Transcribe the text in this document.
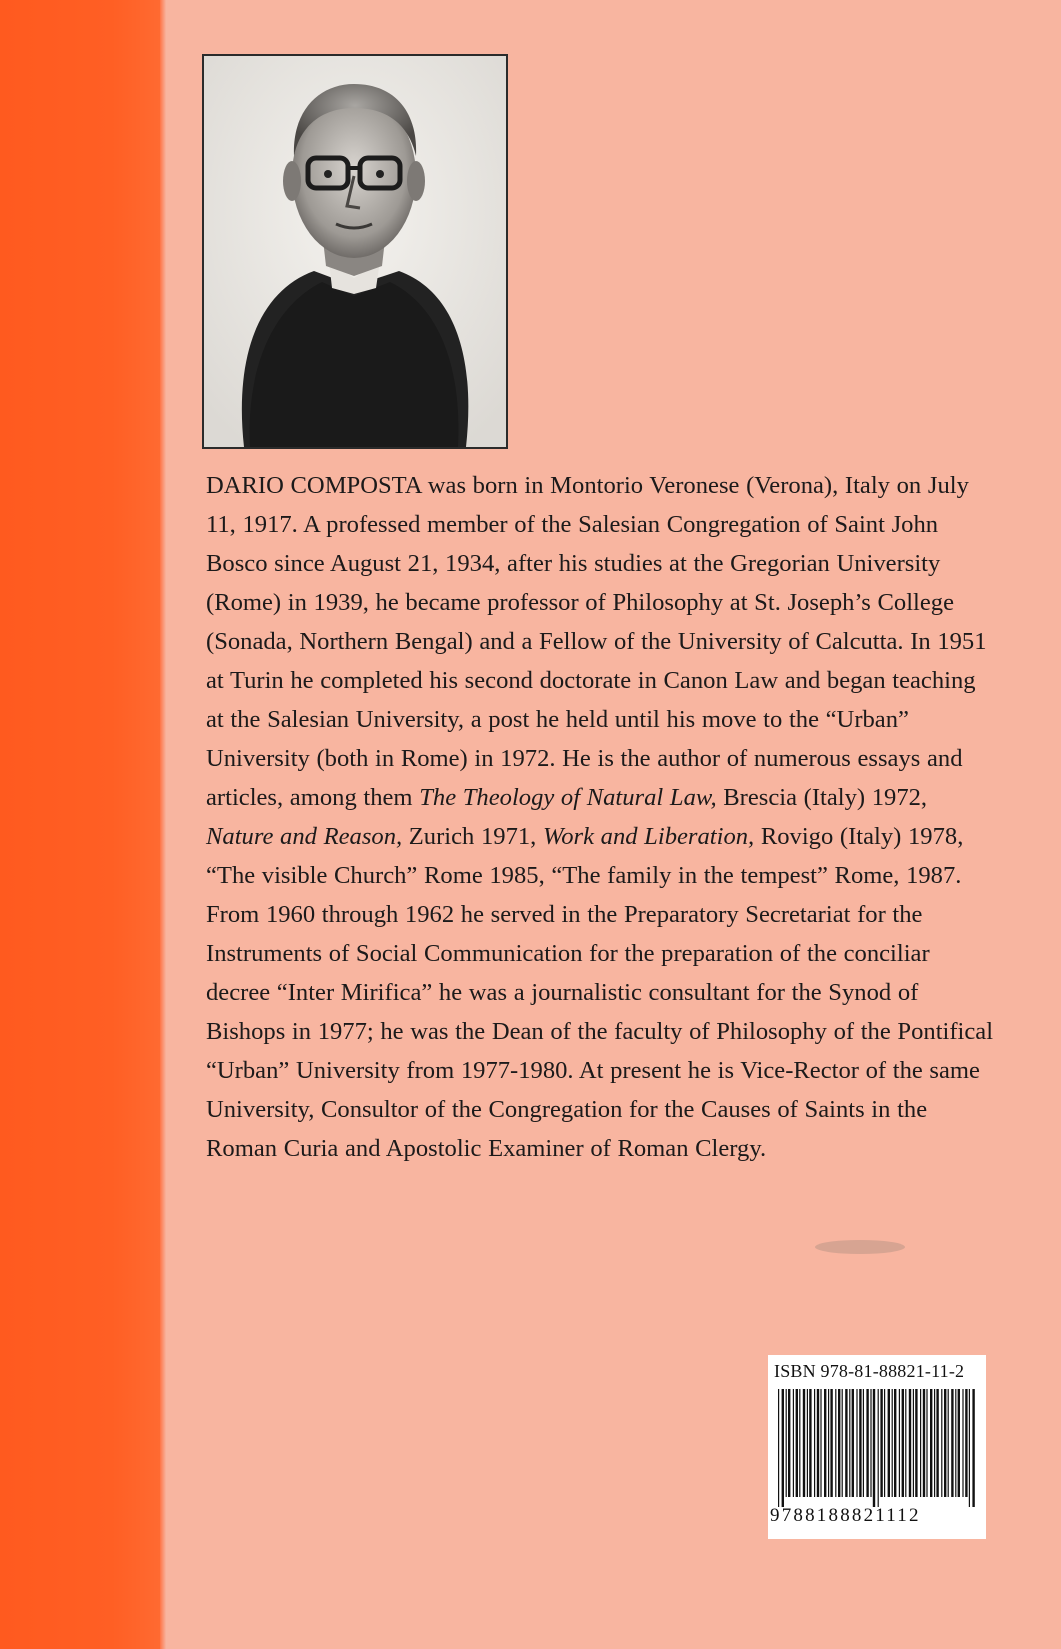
DARIO COMPOSTA was born in Montorio Veronese (Verona), Italy on July 11, 1917. A professed member of the Salesian Congregation of Saint John Bosco since August 21, 1934, after his studies at the Gregorian University (Rome) in 1939, he became professor of Philosophy at St. Joseph’s College (Sonada, Northern Bengal) and a Fellow of the University of Calcutta. In 1951 at Turin he completed his second doctorate in Canon Law and began teaching at the Salesian University, a post he held until his move to the “Urban” University (both in Rome) in 1972. He is the author of numerous essays and articles, among them The Theology of Natural Law, Brescia (Italy) 1972, Nature and Reason, Zurich 1971, Work and Liberation, Rovigo (Italy) 1978, “The visible Church” Rome 1985, “The family in the tempest” Rome, 1987. From 1960 through 1962 he served in the Preparatory Secretariat for the Instruments of Social Communication for the preparation of the conciliar decree “Inter Mirifica” he was a journalistic consultant for the Synod of Bishops in 1977; he was the Dean of the faculty of Philosophy of the Pontifical “Urban” University from 1977-1980. At present he is Vice-Rector of the same University, Consultor of the Congregation for the Causes of Saints in the Roman Curia and Apostolic Examiner of Roman Clergy.

ISBN 978-81-88821-11-2
9788188821112
